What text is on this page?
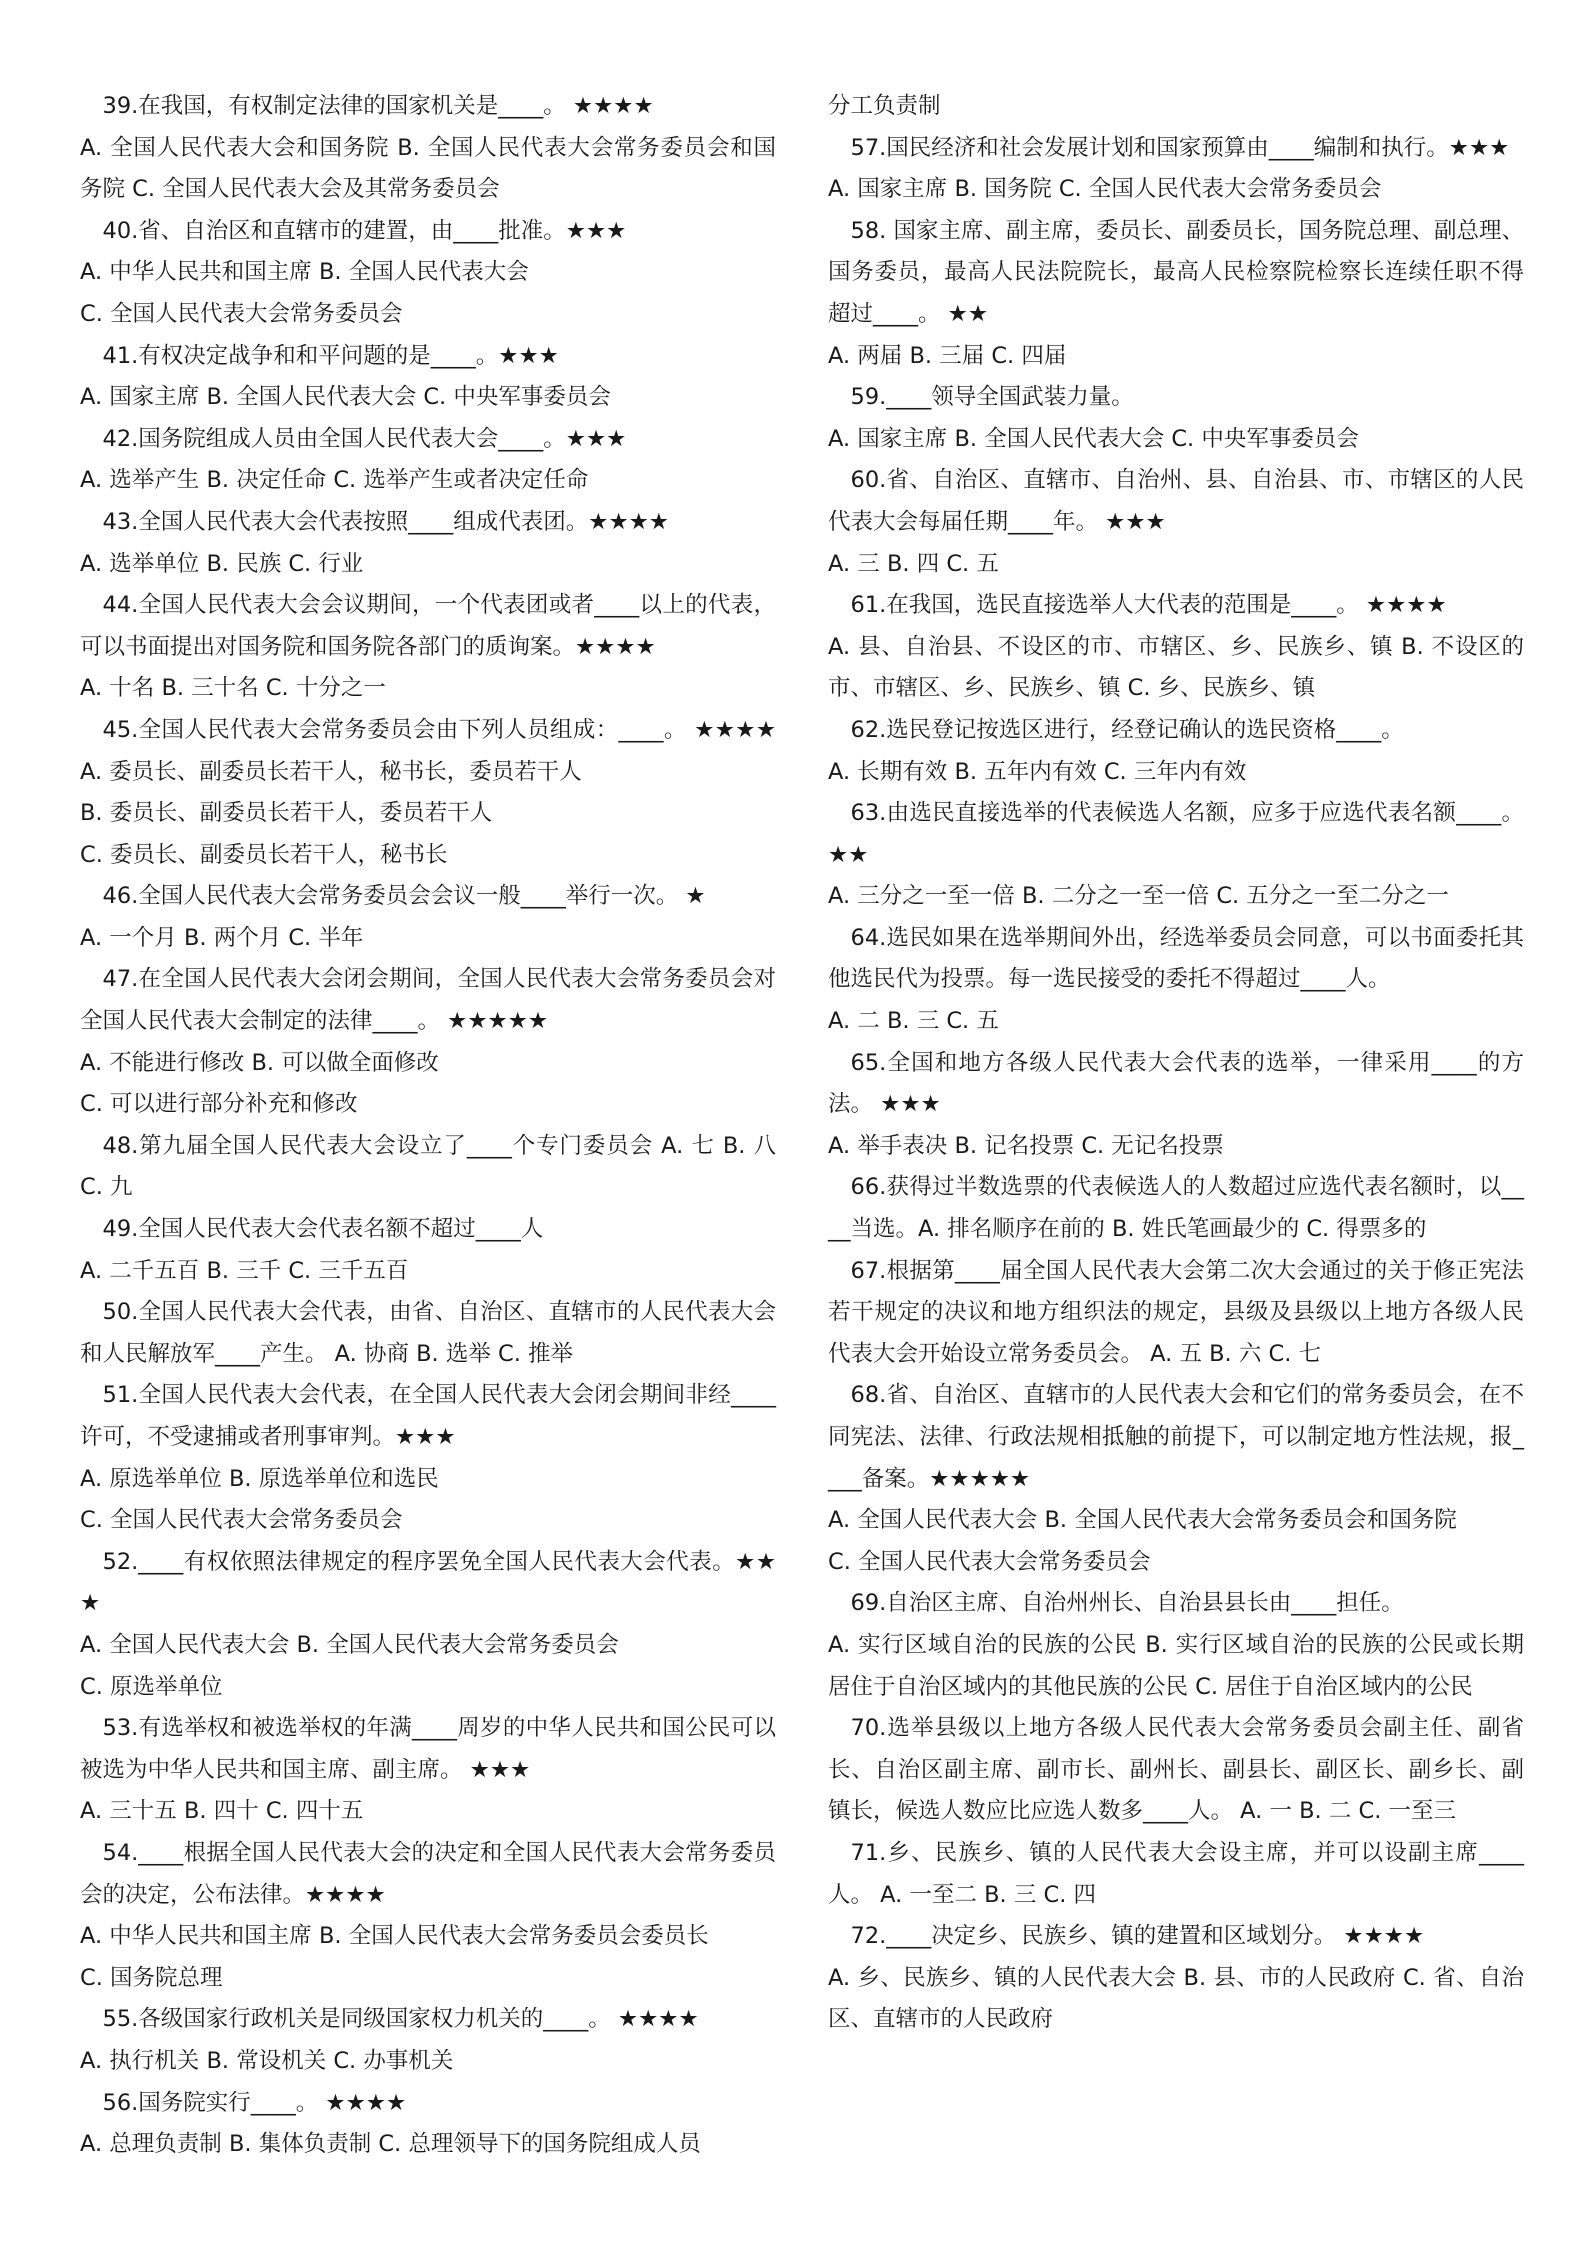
39.在我国，有权制定法律的国家机关是____。 ★★★★

A. 全国人民代表大会和国务院 B. 全国人民代表大会常务委员会和国务院 C. 全国人民代表大会及其常务委员会

40.省、自治区和直辖市的建置，由____批准。★★★

A. 中华人民共和国主席 B. 全国人民代表大会

C. 全国人民代表大会常务委员会

41.有权决定战争和和平问题的是____。★★★

A. 国家主席 B. 全国人民代表大会 C. 中央军事委员会

42.国务院组成人员由全国人民代表大会____。★★★

A. 选举产生 B. 决定任命 C. 选举产生或者决定任命

43.全国人民代表大会代表按照____组成代表团。★★★★

A. 选举单位 B. 民族 C. 行业

44.全国人民代表大会会议期间，一个代表团或者____以上的代表，可以书面提出对国务院和国务院各部门的质询案。★★★★

A. 十名 B. 三十名 C. 十分之一

45.全国人民代表大会常务委员会由下列人员组成：____。 ★★★★A. 委员长、副委员长若干人，秘书长，委员若干人

B. 委员长、副委员长若干人，委员若干人

C. 委员长、副委员长若干人，秘书长

46.全国人民代表大会常务委员会会议一般____举行一次。 ★

A. 一个月 B. 两个月 C. 半年

47.在全国人民代表大会闭会期间，全国人民代表大会常务委员会对全国人民代表大会制定的法律____。 ★★★★★

A. 不能进行修改 B. 可以做全面修改

C. 可以进行部分补充和修改

48.第九届全国人民代表大会设立了____个专门委员会 A. 七 B. 八 C. 九

49.全国人民代表大会代表名额不超过____人

A. 二千五百 B. 三千 C. 三千五百

50.全国人民代表大会代表，由省、自治区、直辖市的人民代表大会和人民解放军____产生。 A. 协商 B. 选举 C. 推举

51.全国人民代表大会代表，在全国人民代表大会闭会期间非经____许可，不受逮捕或者刑事审判。★★★

A. 原选举单位 B. 原选举单位和选民

C. 全国人民代表大会常务委员会

52.____有权依照法律规定的程序罢免全国人民代表大会代表。★★★

A. 全国人民代表大会 B. 全国人民代表大会常务委员会

C. 原选举单位

53.有选举权和被选举权的年满____周岁的中华人民共和国公民可以被选为中华人民共和国主席、副主席。 ★★★

A. 三十五 B. 四十 C. 四十五

54.____根据全国人民代表大会的决定和全国人民代表大会常务委员会的决定，公布法律。★★★★

A. 中华人民共和国主席 B. 全国人民代表大会常务委员会委员长

C. 国务院总理

55.各级国家行政机关是同级国家权力机关的____。 ★★★★

A. 执行机关 B. 常设机关 C. 办事机关

56.国务院实行____。 ★★★★

A. 总理负责制 B. 集体负责制 C. 总理领导下的国务院组成人员

分工负责制

57.国民经济和社会发展计划和国家预算由____编制和执行。★★★

A. 国家主席 B. 国务院 C. 全国人民代表大会常务委员会

58. 国家主席、副主席，委员长、副委员长，国务院总理、副总理、国务委员，最高人民法院院长，最高人民检察院检察长连续任职不得超过____。 ★★

A. 两届 B. 三届 C. 四届

59.____领导全国武装力量。

A. 国家主席 B. 全国人民代表大会 C. 中央军事委员会

60.省、自治区、直辖市、自治州、县、自治县、市、市辖区的人民代表大会每届任期____年。 ★★★

A. 三 B. 四 C. 五

61.在我国，选民直接选举人大代表的范围是____。 ★★★★

A. 县、自治县、不设区的市、市辖区、乡、民族乡、镇 B. 不设区的市、市辖区、乡、民族乡、镇 C. 乡、民族乡、镇

62.选民登记按选区进行，经登记确认的选民资格____。

A. 长期有效 B. 五年内有效 C. 三年内有效

63.由选民直接选举的代表候选人名额，应多于应选代表名额____。★★

A. 三分之一至一倍 B. 二分之一至一倍 C. 五分之一至二分之一

64.选民如果在选举期间外出，经选举委员会同意，可以书面委托其他选民代为投票。每一选民接受的委托不得超过____人。

A. 二 B. 三 C. 五

65.全国和地方各级人民代表大会代表的选举，一律采用____的方法。 ★★★

A. 举手表决 B. 记名投票 C. 无记名投票

66.获得过半数选票的代表候选人的人数超过应选代表名额时，以____当选。A. 排名顺序在前的 B. 姓氏笔画最少的 C. 得票多的

67.根据第____届全国人民代表大会第二次大会通过的关于修正宪法若干规定的决议和地方组织法的规定，县级及县级以上地方各级人民代表大会开始设立常务委员会。 A. 五 B. 六 C. 七

68.省、自治区、直辖市的人民代表大会和它们的常务委员会，在不同宪法、法律、行政法规相抵触的前提下，可以制定地方性法规，报____备案。★★★★★

A. 全国人民代表大会 B. 全国人民代表大会常务委员会和国务院

C. 全国人民代表大会常务委员会

69.自治区主席、自治州州长、自治县县长由____担任。

A. 实行区域自治的民族的公民 B. 实行区域自治的民族的公民或长期居住于自治区域内的其他民族的公民 C. 居住于自治区域内的公民

70.选举县级以上地方各级人民代表大会常务委员会副主任、副省长、自治区副主席、副市长、副州长、副县长、副区长、副乡长、副镇长，候选人数应比应选人数多____人。 A. 一 B. 二 C. 一至三

71.乡、民族乡、镇的人民代表大会设主席，并可以设副主席____人。 A. 一至二 B. 三 C. 四

72.____决定乡、民族乡、镇的建置和区域划分。 ★★★★

A. 乡、民族乡、镇的人民代表大会 B. 县、市的人民政府 C. 省、自治区、直辖市的人民政府
